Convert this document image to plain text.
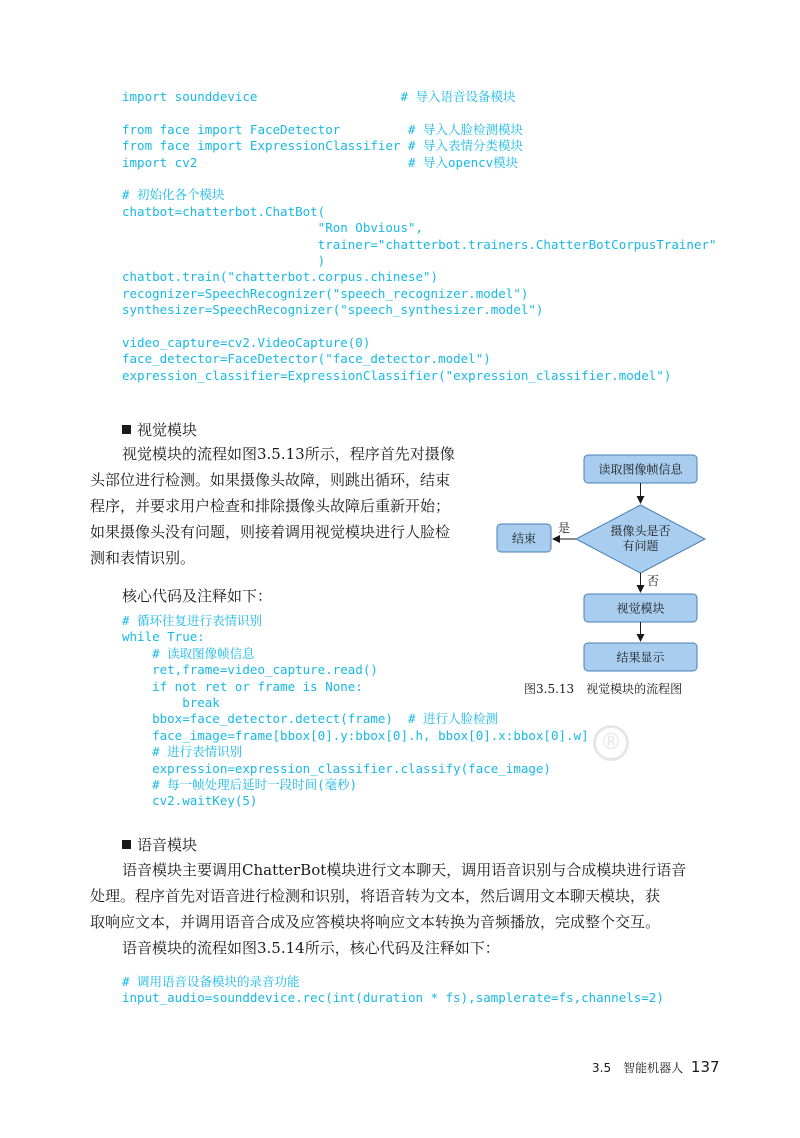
®
import sounddevice                   # 导入语音设备模块

from face import FaceDetector         # 导入人脸检测模块
from face import ExpressionClassifier # 导入表情分类模块
import cv2                            # 导入opencv模块

# 初始化各个模块
chatbot=chatterbot.ChatBot(
"Ron Obvious",
trainer="chatterbot.trainers.ChatterBotCorpusTrainer"
)
chatbot.train("chatterbot.corpus.chinese")
recognizer=SpeechRecognizer("speech_recognizer.model")
synthesizer=SpeechRecognizer("speech_synthesizer.model")

video_capture=cv2.VideoCapture(0)
face_detector=FaceDetector("face_detector.model")
expression_classifier=ExpressionClassifier("expression_classifier.model")
视觉模块

视觉模块的流程如图3.5.13所示，程序首先对摄像

头部位进行检测。如果摄像头故障，则跳出循环，结束

程序，并要求用户检查和排除摄像头故障后重新开始；

如果摄像头没有问题，则接着调用视觉模块进行人脸检

测和表情识别。

核心代码及注释如下：

# 循环往复进行表情识别
while True:
# 读取图像帧信息
ret,frame=video_capture.read()
if not ret or frame is None:
break
bbox=face_detector.detect(frame)  # 进行人脸检测
face_image=frame[bbox[0].y:bbox[0].h, bbox[0].x:bbox[0].w]
# 进行表情识别
expression=expression_classifier.classify(face_image)
# 每一帧处理后延时一段时间(毫秒)
cv2.waitKey(5)
读取图像帧信息
摄像头是否
有问题
是
结束
否
视觉模块
结果显示
图3.5.13　视觉模块的流程图
语音模块

语音模块主要调用ChatterBot模块进行文本聊天，调用语音识别与合成模块进行语音

处理。程序首先对语音进行检测和识别，将语音转为文本，然后调用文本聊天模块，获

取响应文本，并调用语音合成及应答模块将响应文本转换为音频播放，完成整个交互。

语音模块的流程如图3.5.14所示，核心代码及注释如下：

# 调用语音设备模块的录音功能
input_audio=sounddevice.rec(int(duration * fs),samplerate=fs,channels=2)
3.5　智能机器人 137
